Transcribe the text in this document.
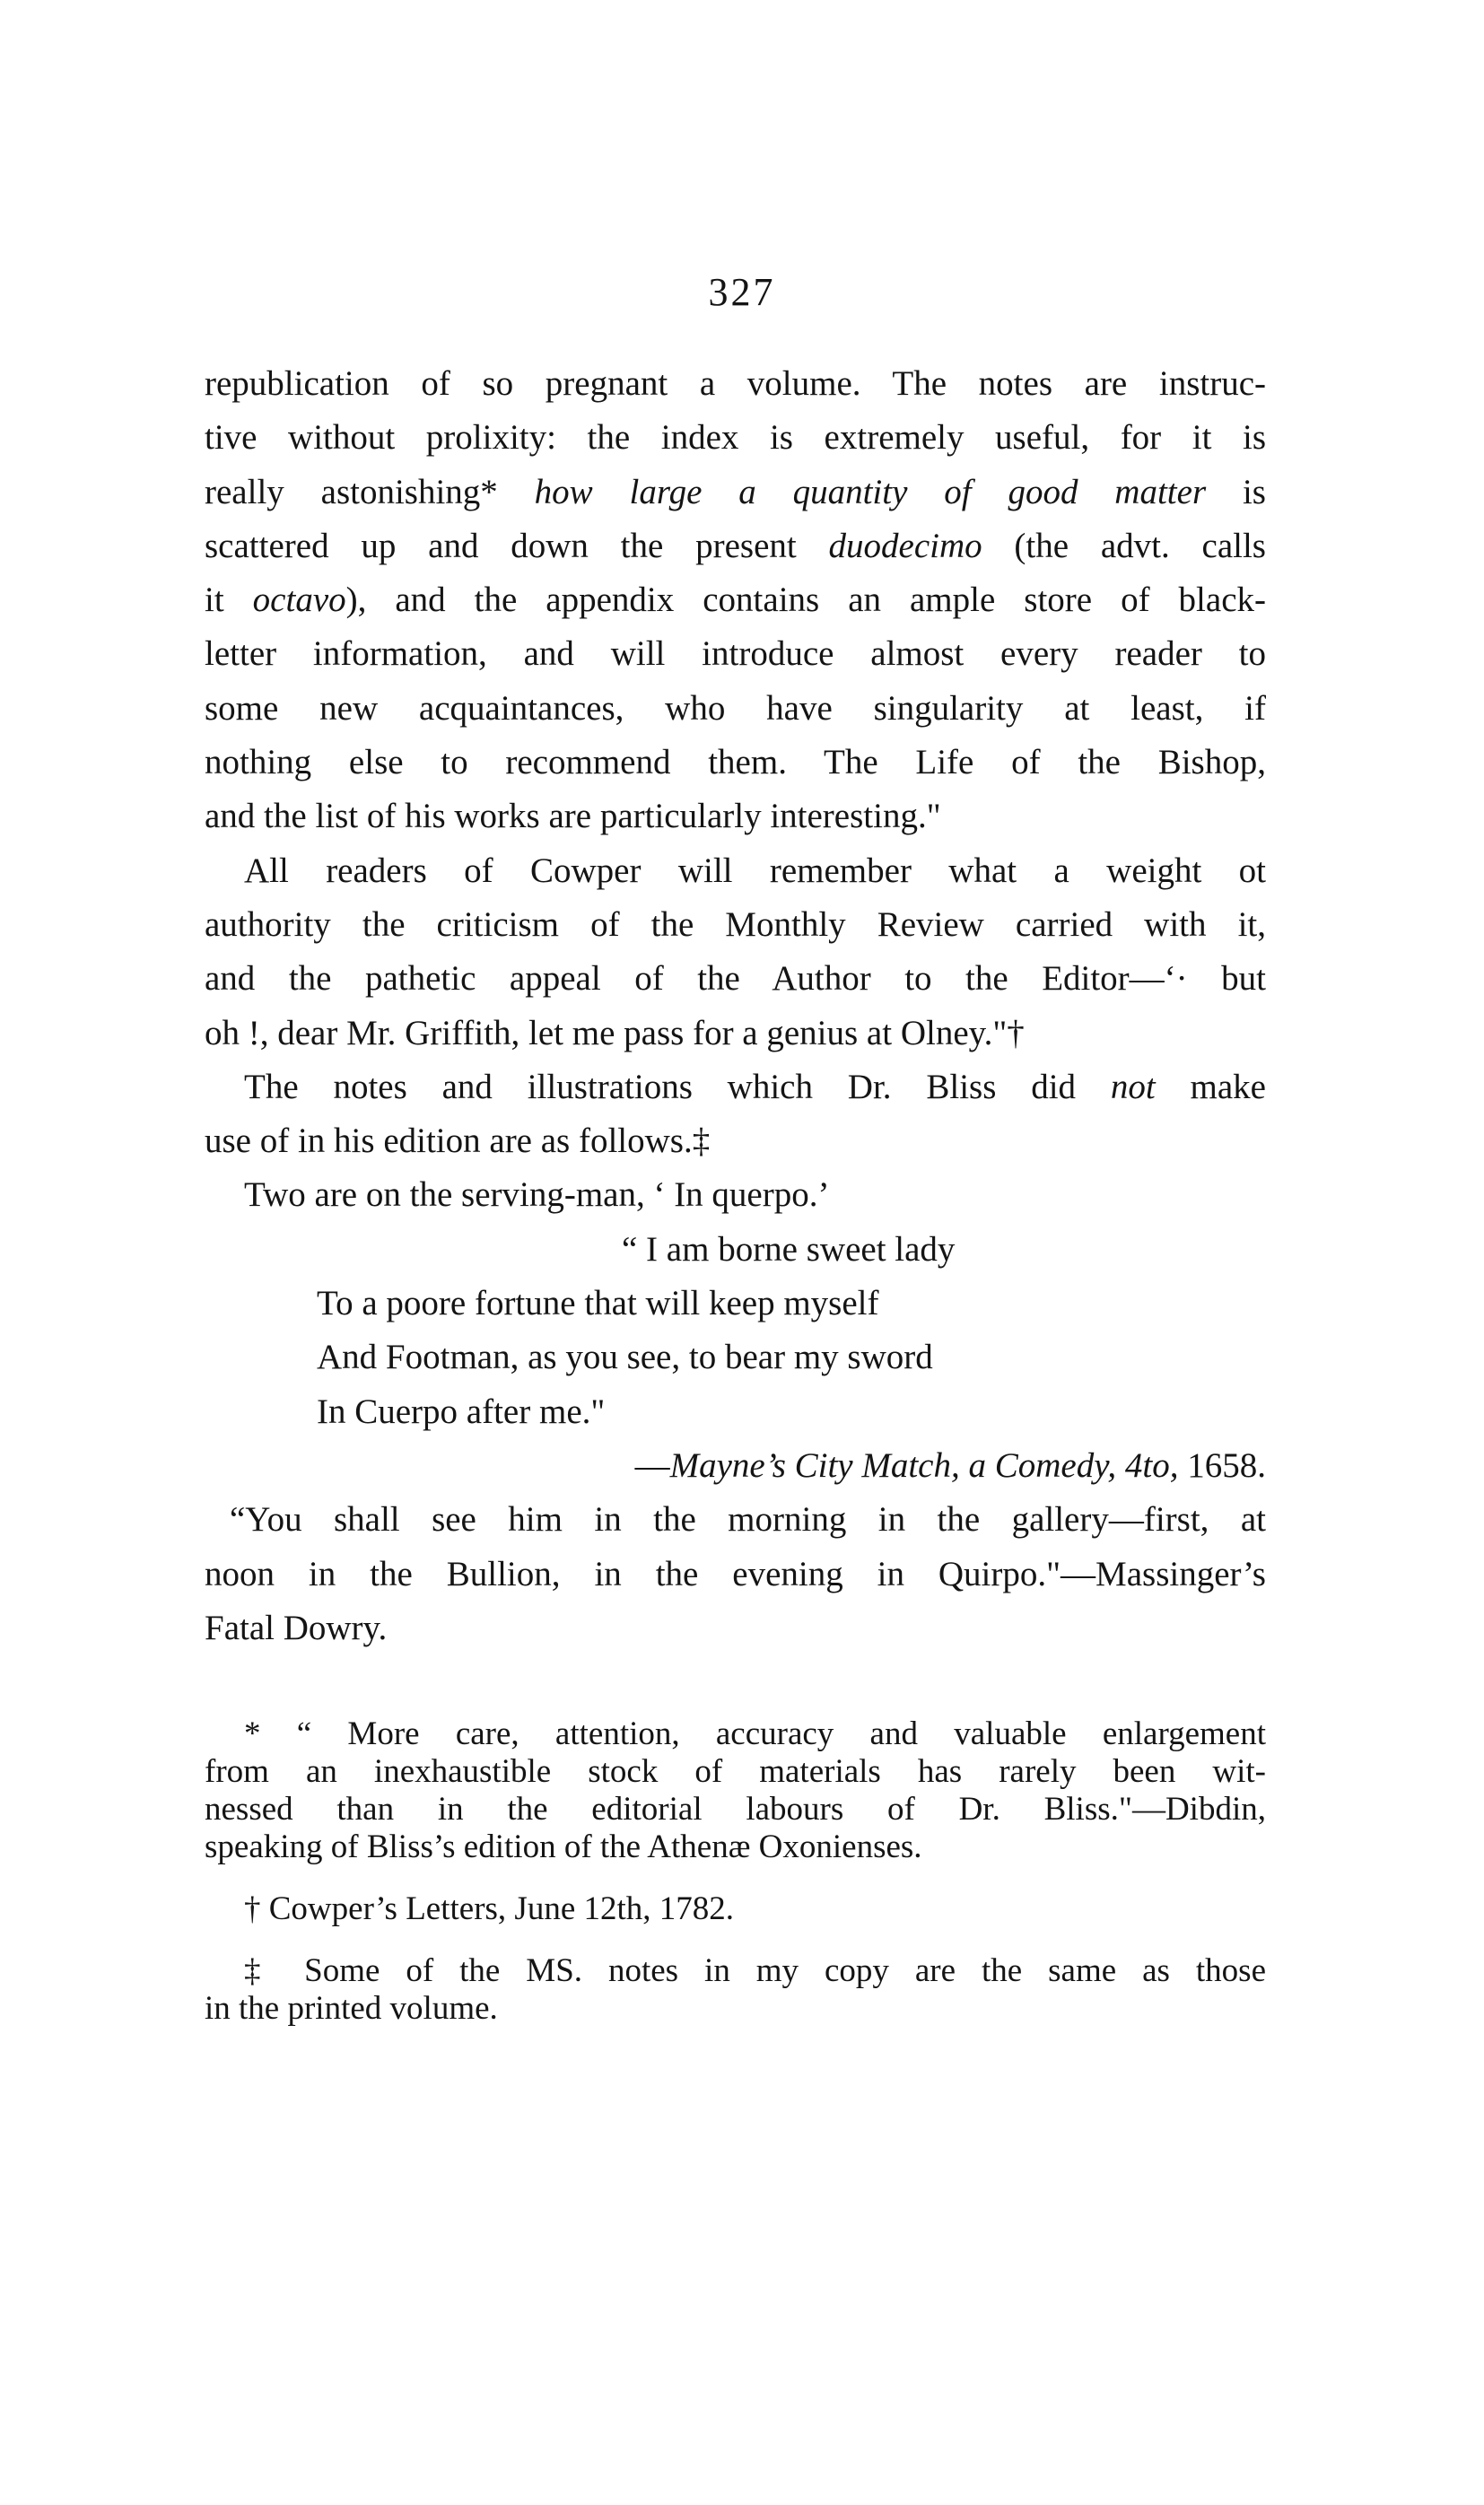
327

republication of so pregnant a volume. The notes are instruc-
tive without prolixity: the index is extremely useful, for it is
really astonishing* how large a quantity of good matter is
scattered up and down the present duodecimo (the advt. calls
it octavo), and the appendix contains an ample store of black-
letter information, and will introduce almost every reader to
some new acquaintances, who have singularity at least, if
nothing else to recommend them. The Life of the Bishop,
and the list of his works are particularly interesting."

All readers of Cowper will remember what a weight ot
authority the criticism of the Monthly Review carried with it,
and the pathetic appeal of the Author to the Editor—‘· but
oh !, dear Mr. Griffith, let me pass for a genius at Olney."†

The notes and illustrations which Dr. Bliss did not make
use of in his edition are as follows.‡

Two are on the serving-man, ‘ In querpo.’

“ I am borne sweet lady
To a poore fortune that will keep myself
And Footman, as you see, to bear my sword
In Cuerpo after me."
—Mayne’s City Match, a Comedy, 4to, 1658.

“You shall see him in the morning in the gallery—first, at
noon in the Bullion, in the evening in Quirpo."—Massinger’s
Fatal Dowry.

* “ More care, attention, accuracy and valuable enlargement
from an inexhaustible stock of materials has rarely been wit-
nessed than in the editorial labours of Dr. Bliss."—Dibdin,
speaking of Bliss’s edition of the Athenæ Oxonienses.

† Cowper’s Letters, June 12th, 1782.

‡ Some of the MS. notes in my copy are the same as those
in the printed volume.
